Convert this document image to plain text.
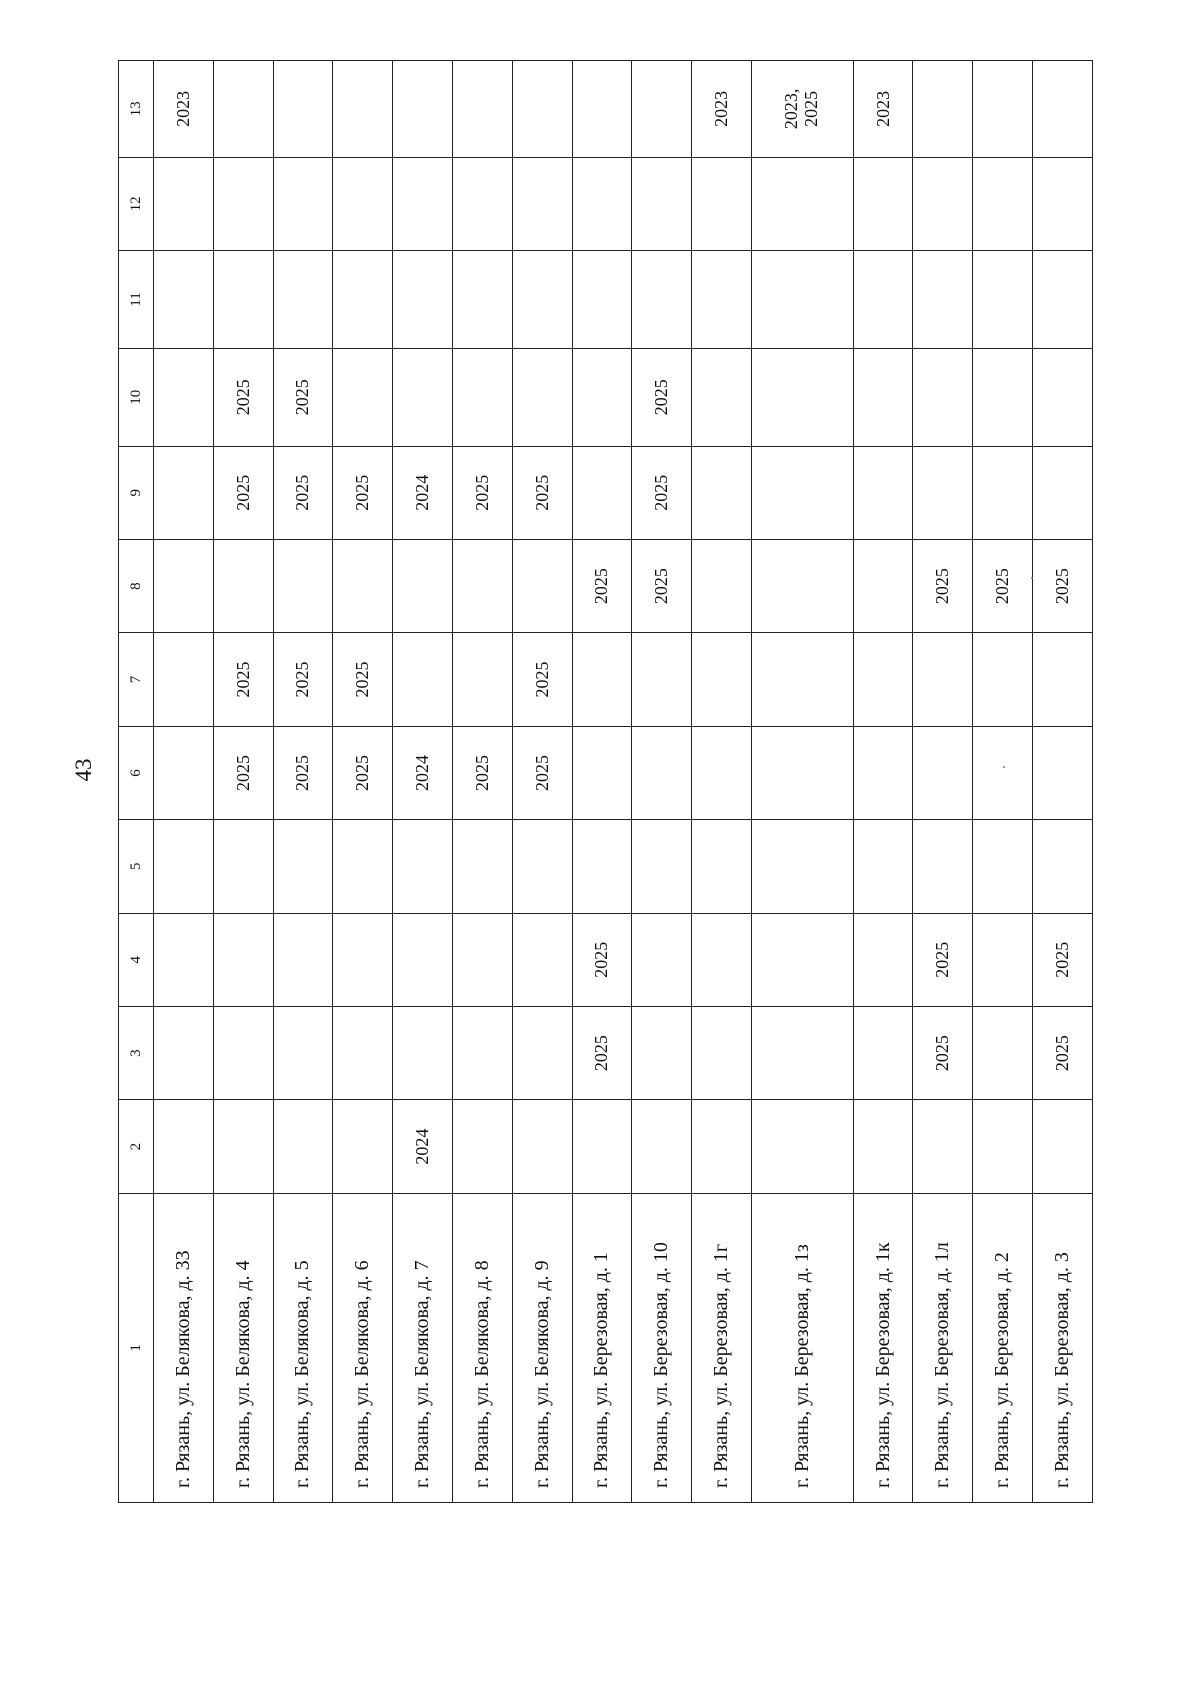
43
1	2	3	4	5	6	7	8	9	10	11	12	13
г. Рязань, ул. Белякова, д. 33												2023
г. Рязань, ул. Белякова, д. 4					2025	2025		2025	2025			
г. Рязань, ул. Белякова, д. 5					2025	2025		2025	2025			
г. Рязань, ул. Белякова, д. 6					2025	2025		2025				
г. Рязань, ул. Белякова, д. 7	2024				2024			2024				
г. Рязань, ул. Белякова, д. 8					2025			2025				
г. Рязань, ул. Белякова, д. 9					2025	2025		2025				
г. Рязань, ул. Березовая, д. 1		2025	2025				2025					
г. Рязань, ул. Березовая, д. 10							2025	2025	2025			
г. Рязань, ул. Березовая, д. 1г												2023
г. Рязань, ул. Березовая, д. 1з												2023,
2025
г. Рязань, ул. Березовая, д. 1к												2023
г. Рязань, ул. Березовая, д. 1л		2025	2025				2025					
г. Рязань, ул. Березовая, д. 2							2025					
г. Рязань, ул. Березовая, д. 3		2025	2025				2025					
